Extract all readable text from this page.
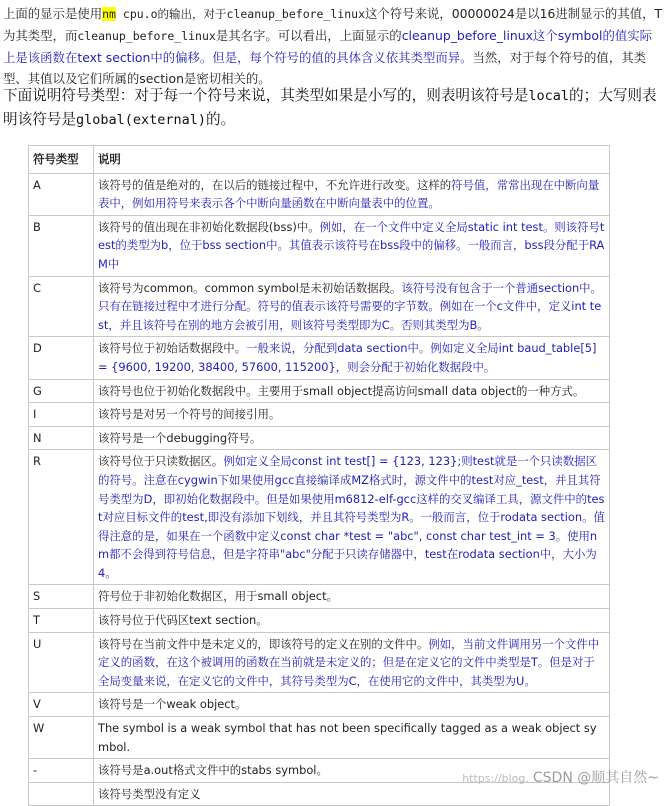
上面的显示是使用nm cpu.o的输出，对于cleanup_before_linux这个符号来说，00000024是以16进制显示的其值，T为其类型，而cleanup_before_linux是其名字。可以看出，上面显示的cleanup_before_linux这个symbol的值实际上是该函数在text section中的偏移。但是，每个符号的值的具体含义依其类型而异。当然，对于每个符号的值，其类型、其值以及它们所属的section是密切相关的。
下面说明符号类型：对于每一个符号来说，其类型如果是小写的，则表明该符号是local的；大写则表明该符号是global(external)的。
符号类型	说明
A	该符号的值是绝对的，在以后的链接过程中，不允许进行改变。这样的符号值，常常出现在中断向量表中，例如用符号来表示各个中断向量函数在中断向量表中的位置。
B	该符号的值出现在非初始化数据段(bss)中。例如，在一个文件中定义全局static int test。则该符号test的类型为b，位于bss section中。其值表示该符号在bss段中的偏移。一般而言，bss段分配于RAM中
C	该符号为common。common symbol是未初始话数据段。该符号没有包含于一个普通section中。只有在链接过程中才进行分配。符号的值表示该符号需要的字节数。例如在一个c文件中，定义int test，并且该符号在别的地方会被引用，则该符号类型即为C。否则其类型为B。
D	该符号位于初始话数据段中。一般来说，分配到data section中。例如定义全局int baud_table[5] = {9600, 19200, 38400, 57600, 115200}，则会分配于初始化数据段中。
G	该符号也位于初始化数据段中。主要用于small object提高访问small data object的一种方式。
I	该符号是对另一个符号的间接引用。
N	该符号是一个debugging符号。
R	该符号位于只读数据区。例如定义全局const int test[] = {123, 123};则test就是一个只读数据区的符号。注意在cygwin下如果使用gcc直接编译成MZ格式时，源文件中的test对应_test，并且其符号类型为D，即初始化数据段中。但是如果使用m6812-elf-gcc这样的交叉编译工具，源文件中的test对应目标文件的test,即没有添加下划线，并且其符号类型为R。一般而言，位于rodata section。值得注意的是，如果在一个函数中定义const char *test = "abc", const char test_int = 3。使用nm都不会得到符号信息，但是字符串"abc"分配于只读存储器中，test在rodata section中，大小为4。
S	符号位于非初始化数据区，用于small object。
T	该符号位于代码区text section。
U	该符号在当前文件中是未定义的，即该符号的定义在别的文件中。例如，当前文件调用另一个文件中定义的函数，在这个被调用的函数在当前就是未定义的；但是在定义它的文件中类型是T。但是对于全局变量来说，在定义它的文件中，其符号类型为C，在使用它的文件中，其类型为U。
V	该符号是一个weak object。
W	The symbol is a weak symbol that has not been specifically tagged as a weak object symbol.
-	该符号是a.out格式文件中的stabs symbol。
	该符号类型没有定义
https://blog. CSDN @顺其自然~
